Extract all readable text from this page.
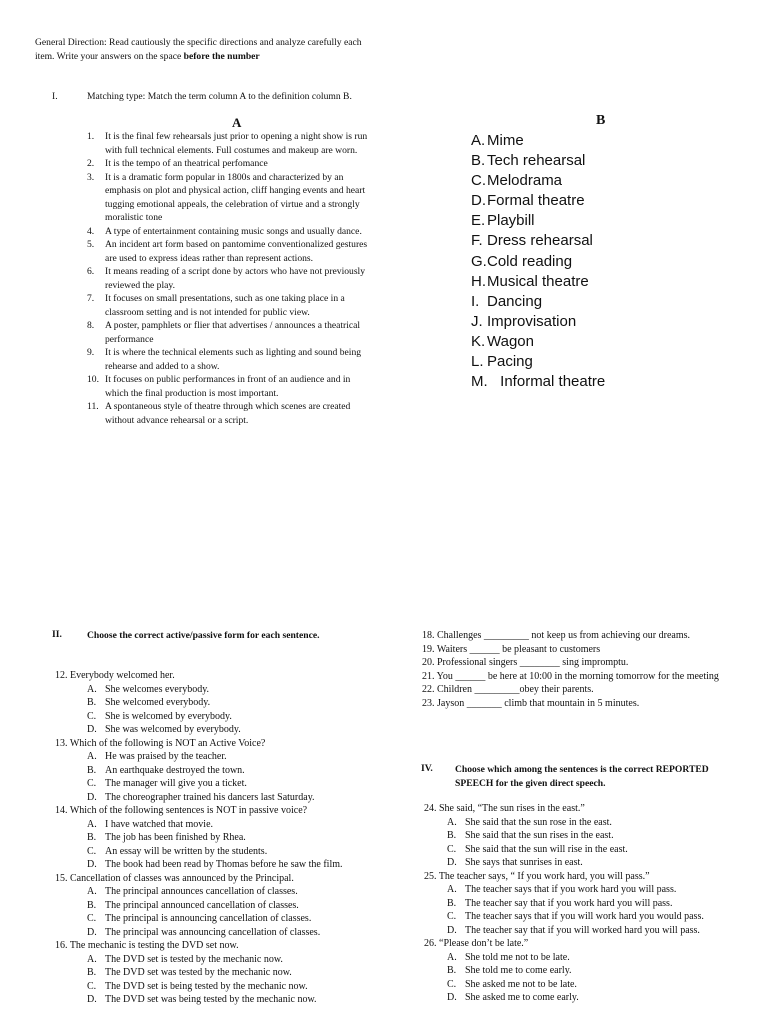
General Direction: Read cautiously the specific directions and analyze carefully each item. Write your answers on the space before the number
I.	Matching type: Match the term column A to the definition column B.
A	B
1. It is the final few rehearsals just prior to opening a night show is run with full technical elements. Full costumes and makeup are worn.
2. It is the tempo of an theatrical perfomance
3. It is a dramatic form popular in 1800s and characterized by an emphasis on plot and physical action, cliff hanging events and heart tugging emotional appeals, the celebration of virtue and a strongly moralistic tone
4. A type of entertainment containing music songs and usually dance.
5. An incident art form based on pantomime conventionalized gestures are used to express ideas rather than represent actions.
6. It means reading of a script done by actors who have not previously reviewed the play.
7. It focuses on small presentations, such as one taking place in a classroom setting and is not intended for public view.
8. A poster, pamphlets or flier that advertises / announces a theatrical performance
9. It is where the technical elements such as lighting and sound being rehearse and added to a show.
10. It focuses on public performances in front of an audience and in which the final production is most important.
11. A spontaneous style of theatre through which scenes are created without advance rehearsal or a script.
A. Mime
B. Tech rehearsal
C. Melodrama
D. Formal theatre
E. Playbill
F. Dress rehearsal
G. Cold reading
H. Musical theatre
I. Dancing
J. Improvisation
K. Wagon
L. Pacing
M. Informal theatre
II.	Choose the correct active/passive form for each sentence.
12. Everybody welcomed her.
A. She welcomes everybody.
B. She welcomed everybody.
C. She is welcomed by everybody.
D. She was welcomed by everybody.
13. Which of the following is NOT an Active Voice?
A. He was praised by the teacher.
B. An earthquake destroyed the town.
C. The manager will give you a ticket.
D. The choreographer trained his dancers last Saturday.
14. Which of the following sentences is NOT in passive voice?
A. I have watched that movie.
B. The job has been finished by Rhea.
C. An essay will be written by the students.
D. The book had been read by Thomas before he saw the film.
15. Cancellation of classes was announced by the Principal.
A. The principal announces cancellation of classes.
B. The principal announced cancellation of classes.
C. The principal is announcing cancellation of classes.
D. The principal was announcing cancellation of classes.
16. The mechanic is testing the DVD set now.
A. The DVD set is tested by the mechanic now.
B. The DVD set was tested by the mechanic now.
C. The DVD set is being tested by the mechanic now.
D. The DVD set was being tested by the mechanic now.
18. Challenges _________ not keep us from achieving our dreams.
19. Waiters ______ be pleasant to customers
20. Professional singers ________ sing impromptu.
21. You ______ be here at 10:00 in the morning tomorrow for the meeting
22. Children _________obey their parents.
23. Jayson _______ climb that mountain in 5 minutes.
IV. Choose which among the sentences is the correct REPORTED SPEECH for the given direct speech.
24. She said, “The sun rises in the east.”
A. She said that the sun rose in the east.
B. She said that the sun rises in the east.
C. She said that the sun will rise in the east.
D. She says that sunrises in east.
25. The teacher says, “ If you work hard, you will pass.”
A. The teacher says that if you work hard you will pass.
B. The teacher say that if you work hard you will pass.
C. The teacher says that if you will work hard you would pass.
D. The teacher say that if you will worked hard you will pass.
26. “Please don’t be late.”
A. She told me not to be late.
B. She told me to come early.
C. She asked me not to be late.
D. She asked me to come early.
